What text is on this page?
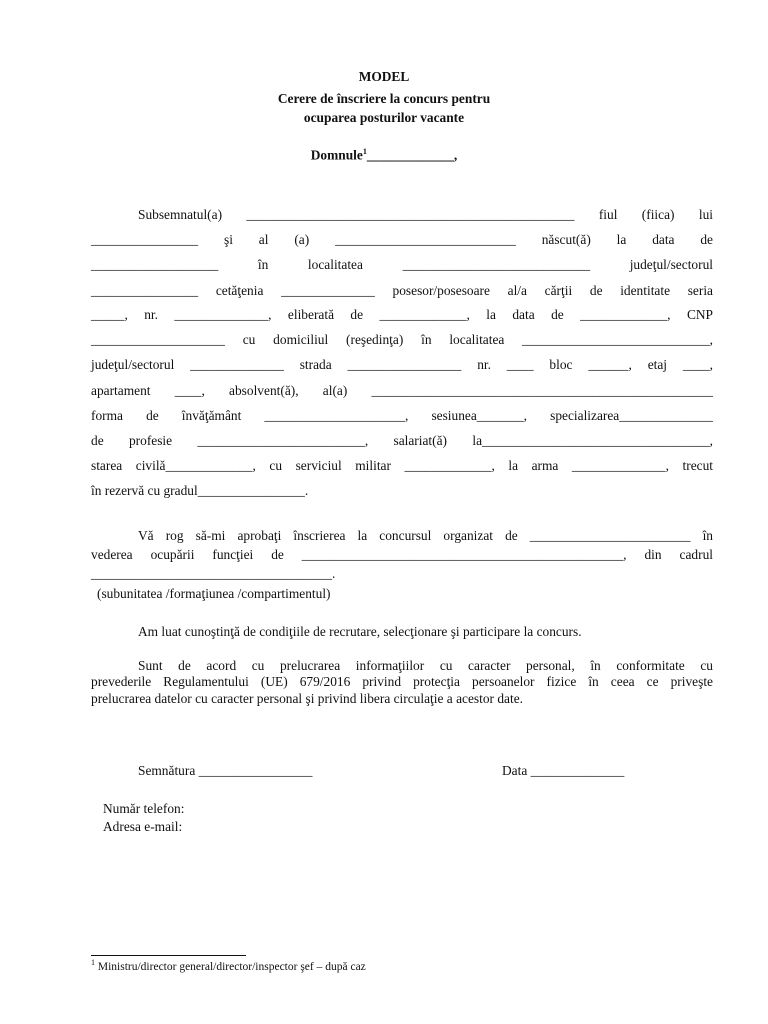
MODEL
Cerere de înscriere la concurs pentru
ocuparea posturilor vacante
Domnule$^1$_____________,
Subsemnatul(a) _________________________________________________ fiul (fiica) lui
________________ şi al (a) ___________________________ născut(ă) la data de
___________________ în localitatea ____________________________ judeţul/sectorul
________________ cetăţenia ______________ posesor/posesoare al/a cărţii de identitate seria
_____, nr. ______________, eliberată de _____________, la data de _____________, CNP
____________________ cu domiciliul (reşedinţa) în localitatea ____________________________,
judeţul/sectorul ______________ strada _________________ nr. ____ bloc ______, etaj ____,
apartament ____, absolvent(ă), al(a) ___________________________________________________
forma de învăţământ _____________________, sesiunea_______, specializarea______________
de profesie _________________________, salariat(ă) la__________________________________,
starea civilă_____________, cu serviciul militar _____________, la arma ______________, trecut
în rezervă cu gradul________________.
Vă rog să-mi aprobaţi înscrierea la concursul organizat de ________________________ în
vederea ocupării funcţiei de ________________________________________________, din cadrul
____________________________________.
(subunitatea /formaţiunea /compartimentul)
Am luat cunoştinţă de condiţiile de recrutare, selecţionare şi participare la concurs.
Sunt de acord cu prelucrarea informaţiilor cu caracter personal, în conformitate cu
prevederile Regulamentului (UE) 679/2016 privind protecţia persoanelor fizice în ceea ce priveşte
prelucrarea datelor cu caracter personal şi privind libera circulaţie a acestor date.
Semnătura _________________	Data ______________
Număr telefon:
Adresa e-mail:
$^1$ Ministru/director general/director/inspector şef – după caz
